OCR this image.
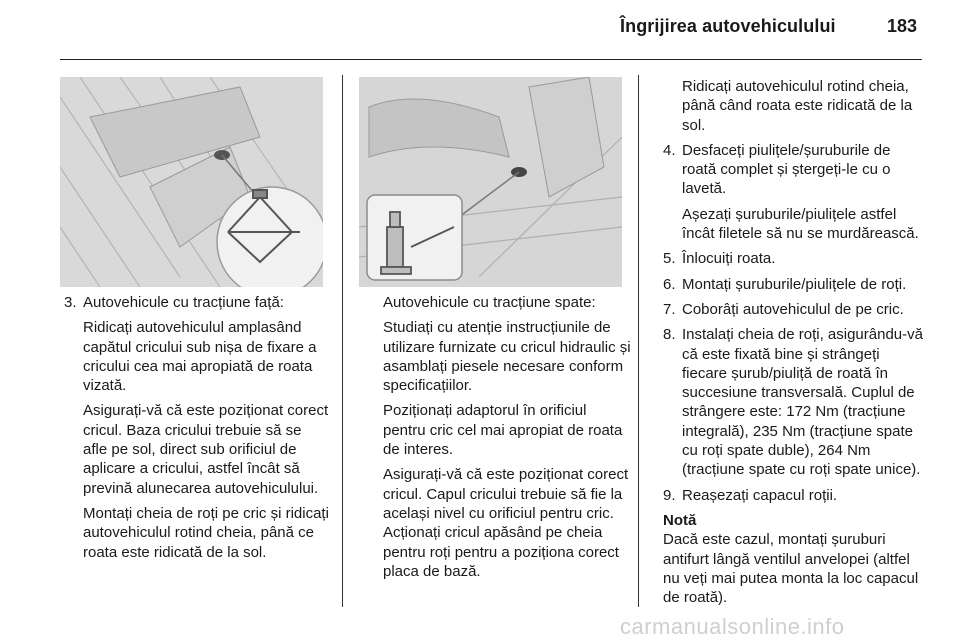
Îngrijirea autovehiculului	183
3. Autovehicule cu tracțiune față:
Ridicați autovehiculul amplasând capătul cricului sub nișa de fixare a cricului cea mai apropiată de roata vizată.
Asigurați-vă că este poziționat corect cricul. Baza cricului trebuie să se afle pe sol, direct sub orificiul de aplicare a cricului, astfel încât să prevină alunecarea autovehiculului.
Montați cheia de roți pe cric și ridicați autovehiculul rotind cheia, până ce roata este ridicată de la sol.
Autovehicule cu tracțiune spate:
Studiați cu atenție instrucțiunile de utilizare furnizate cu cricul hidraulic și asamblați piesele necesare conform specificațiilor.
Poziționați adaptorul în orificiul pentru cric cel mai apropiat de roata de interes.
Asigurați-vă că este poziționat corect cricul. Capul cricului trebuie să fie la același nivel cu orificiul pentru cric. Acționați cricul apăsând pe cheia pentru roți pentru a poziționa corect placa de bază.
Ridicați autovehiculul rotind cheia, până când roata este ridicată de la sol.
4. Desfaceți piulițele/șuruburile de roată complet și ștergeți-le cu o lavetă.
Așezați șuruburile/piulițele astfel încât filetele să nu se murdărească.
5. Înlocuiți roata.
6. Montați șuruburile/piulițele de roți.
7. Coborâți autovehiculul de pe cric.
8. Instalați cheia de roți, asigurându-vă că este fixată bine și strângeți fiecare șurub/piuliță de roată în succesiune transversală. Cuplul de strângere este: 172 Nm (tracțiune integrală), 235 Nm (tracțiune spate cu roți spate duble), 264 Nm (tracțiune spate cu roți spate unice).
9. Reașezați capacul roții.
Notă
Dacă este cazul, montați șuruburi antifurt lângă ventilul anvelopei (altfel nu veți mai putea monta la loc capacul de roată).
carmanualsonline.info
